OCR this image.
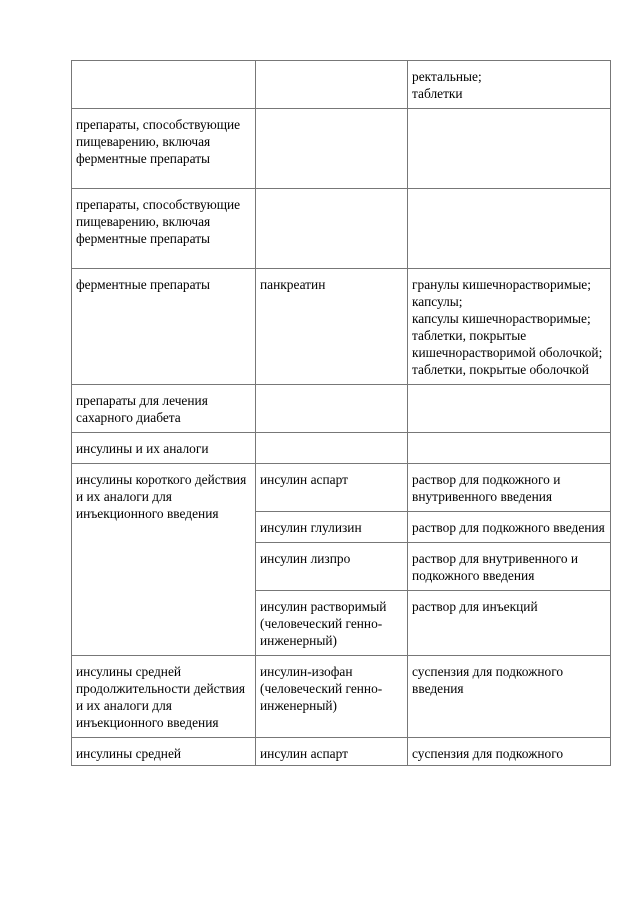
		ректальные;
таблетки
препараты, способствующие пищеварению, включая ферментные препараты		
препараты, способствующие пищеварению, включая ферментные препараты		
ферментные препараты	панкреатин	гранулы кишечнорастворимые;
капсулы;
капсулы кишечнорастворимые;
таблетки, покрытые кишечнорастворимой оболочкой;
таблетки, покрытые оболочкой
препараты для лечения сахарного диабета		
инсулины и их аналоги		
инсулины короткого действия и их аналоги для инъекционного введения	инсулин аспарт	раствор для подкожного и внутривенного введения
	инсулин глулизин	раствор для подкожного введения
	инсулин лизпро	раствор для внутривенного и подкожного введения
	инсулин растворимый (человеческий генно-инженерный)	раствор для инъекций
инсулины средней продолжительности действия и их аналоги для инъекционного введения	инсулин-изофан (человеческий генно-инженерный)	суспензия для подкожного введения
инсулины средней	инсулин аспарт	суспензия для подкожного
